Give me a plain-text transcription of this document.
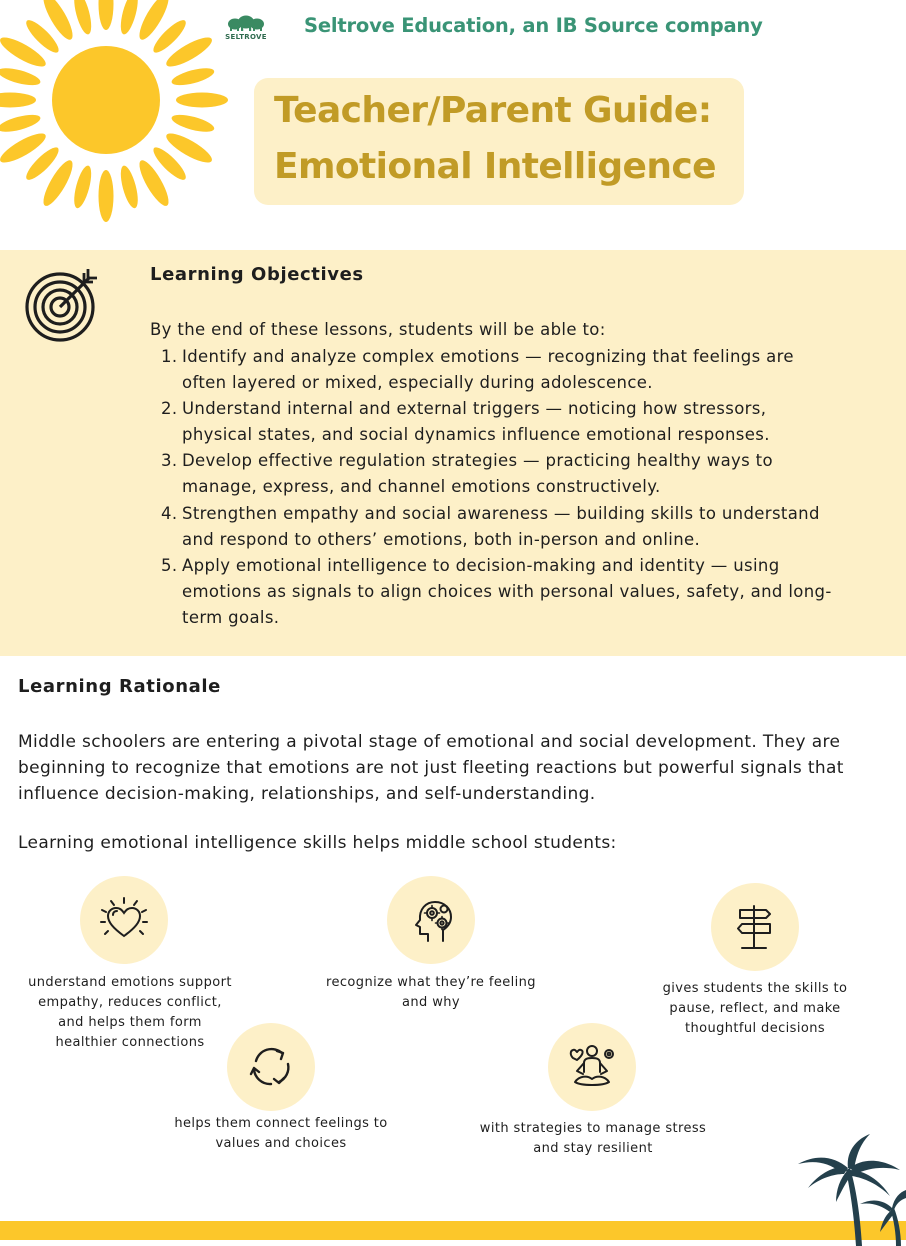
SELTROVE Seltrove Education, an IB Source company
Teacher/Parent Guide:
Emotional Intelligence
Learning Objectives
By the end of these lessons, students will be able to:
1. Identify and analyze complex emotions — recognizing that feelings are
often layered or mixed, especially during adolescence.
2. Understand internal and external triggers — noticing how stressors,
physical states, and social dynamics influence emotional responses.
3. Develop effective regulation strategies — practicing healthy ways to
manage, express, and channel emotions constructively.
4. Strengthen empathy and social awareness — building skills to understand
and respond to others’ emotions, both in-person and online.
5. Apply emotional intelligence to decision-making and identity — using
emotions as signals to align choices with personal values, safety, and long-
term goals.
Learning Rationale
Middle schoolers are entering a pivotal stage of emotional and social development. They are
beginning to recognize that emotions are not just fleeting reactions but powerful signals that
influence decision-making, relationships, and self-understanding.
Learning emotional intelligence skills helps middle school students:
understand emotions support
empathy, reduces conflict,
and helps them form
healthier connections
helps them connect feelings to
values and choices
recognize what they’re feeling
and why
with strategies to manage stress
and stay resilient
gives students the skills to
pause, reflect, and make
thoughtful decisions
